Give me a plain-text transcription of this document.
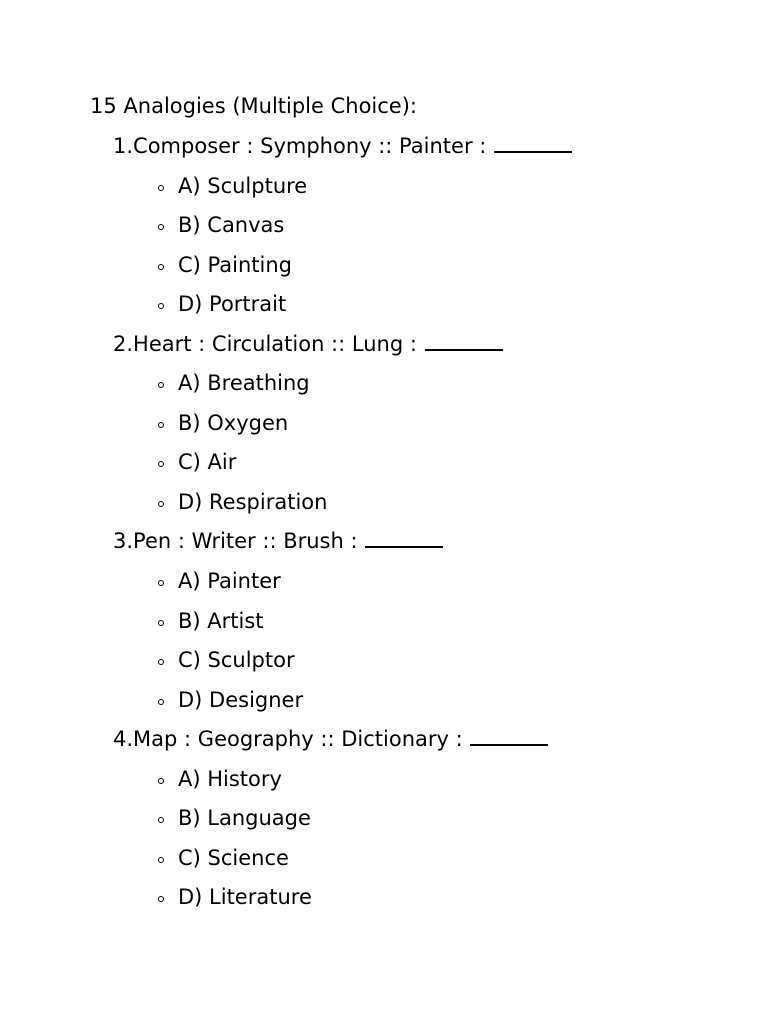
15 Analogies (Multiple Choice):
1.Composer : Symphony :: Painter :
A) Sculpture
B) Canvas
C) Painting
D) Portrait
2.Heart : Circulation :: Lung :
A) Breathing
B) Oxygen
C) Air
D) Respiration
3.Pen : Writer :: Brush :
A) Painter
B) Artist
C) Sculptor
D) Designer
4.Map : Geography :: Dictionary :
A) History
B) Language
C) Science
D) Literature
